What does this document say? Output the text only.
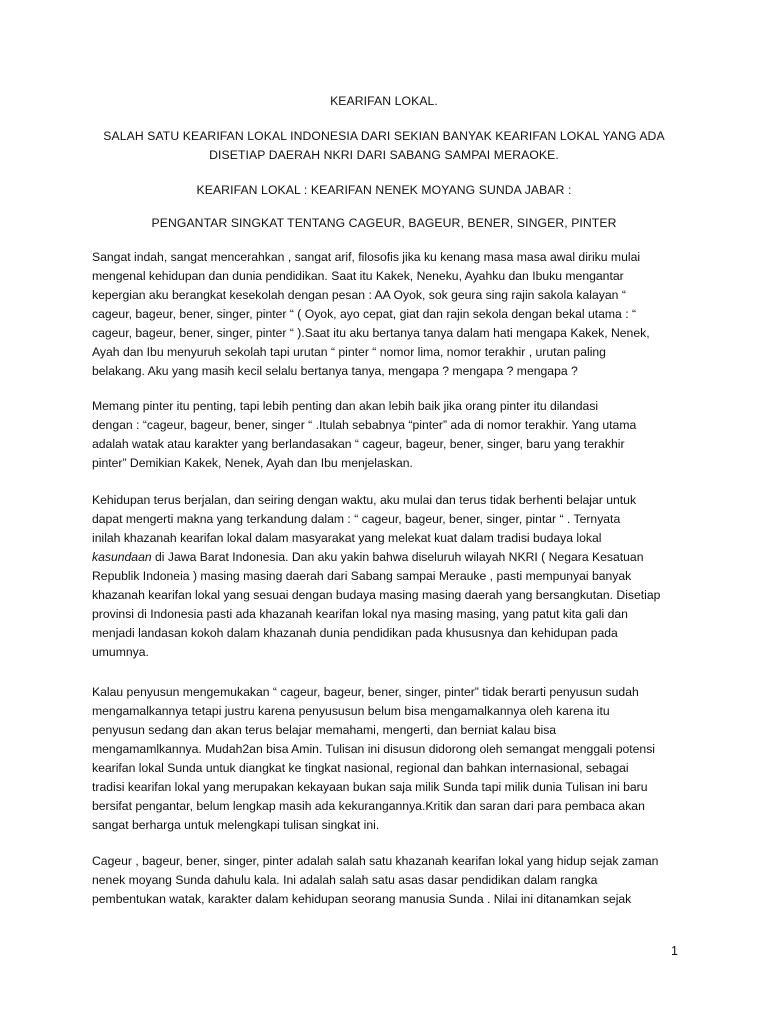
KEARIFAN LOKAL.
SALAH SATU KEARIFAN LOKAL INDONESIA DARI SEKIAN BANYAK KEARIFAN LOKAL YANG ADA
DISETIAP DAERAH NKRI DARI SABANG SAMPAI MERAOKE.
KEARIFAN LOKAL : KEARIFAN NENEK MOYANG SUNDA JABAR :
PENGANTAR SINGKAT TENTANG CAGEUR, BAGEUR, BENER, SINGER, PINTER

Sangat indah, sangat mencerahkan , sangat arif, filosofis jika ku kenang masa masa awal diriku mulai
mengenal kehidupan dan dunia pendidikan. Saat itu Kakek, Neneku, Ayahku dan Ibuku mengantar
kepergian aku berangkat kesekolah dengan pesan : AA Oyok, sok geura sing rajin sakola kalayan “
cageur, bageur, bener, singer, pinter “ ( Oyok, ayo cepat, giat dan rajin sekola dengan bekal utama : “
cageur, bageur, bener, singer, pinter “ ).Saat itu aku bertanya tanya dalam hati mengapa Kakek, Nenek,
Ayah dan Ibu menyuruh sekolah tapi urutan “ pinter “ nomor lima, nomor terakhir , urutan paling
belakang. Aku yang masih kecil selalu bertanya tanya, mengapa ? mengapa ? mengapa ?

Memang pinter itu penting, tapi lebih penting dan akan lebih baik jika orang pinter itu dilandasi
dengan : “cageur, bageur, bener, singer “ .Itulah sebabnya “pinter” ada di nomor terakhir. Yang utama
adalah watak atau karakter yang berlandasakan “ cageur, bageur, bener, singer, baru yang terakhir
pinter” Demikian Kakek, Nenek, Ayah dan Ibu menjelaskan.

Kehidupan terus berjalan, dan seiring dengan waktu, aku mulai dan terus tidak berhenti belajar untuk
dapat mengerti makna yang terkandung dalam : “ cageur, bageur, bener, singer, pintar “ . Ternyata
inilah khazanah kearifan lokal dalam masyarakat yang melekat kuat dalam tradisi budaya lokal
kasundaan di Jawa Barat Indonesia. Dan aku yakin bahwa diseluruh wilayah NKRI ( Negara Kesatuan
Republik Indoneia ) masing masing daerah dari Sabang sampai Merauke , pasti mempunyai banyak
khazanah kearifan lokal yang sesuai dengan budaya masing masing daerah yang bersangkutan. Disetiap
provinsi di Indonesia pasti ada khazanah kearifan lokal nya masing masing, yang patut kita gali dan
menjadi landasan kokoh dalam khazanah dunia pendidikan pada khususnya dan kehidupan pada
umumnya.

Kalau penyusun mengemukakan “ cageur, bageur, bener, singer, pinter” tidak berarti penyusun sudah
mengamalkannya tetapi justru karena penyususun belum bisa mengamalkannya oleh karena itu
penyusun sedang dan akan terus belajar memahami, mengerti, dan berniat kalau bisa
mengamamlkannya. Mudah2an bisa Amin. Tulisan ini disusun didorong oleh semangat menggali potensi
kearifan lokal Sunda untuk diangkat ke tingkat nasional, regional dan bahkan internasional, sebagai
tradisi kearifan lokal yang merupakan kekayaan bukan saja milik Sunda tapi milik dunia Tulisan ini baru
bersifat pengantar, belum lengkap masih ada kekurangannya.Kritik dan saran dari para pembaca akan
sangat berharga untuk melengkapi tulisan singkat ini.

Cageur , bageur, bener, singer, pinter adalah salah satu khazanah kearifan lokal yang hidup sejak zaman
nenek moyang Sunda dahulu kala. Ini adalah salah satu asas dasar pendidikan dalam rangka
pembentukan watak, karakter dalam kehidupan seorang manusia Sunda . Nilai ini ditanamkan sejak

1
